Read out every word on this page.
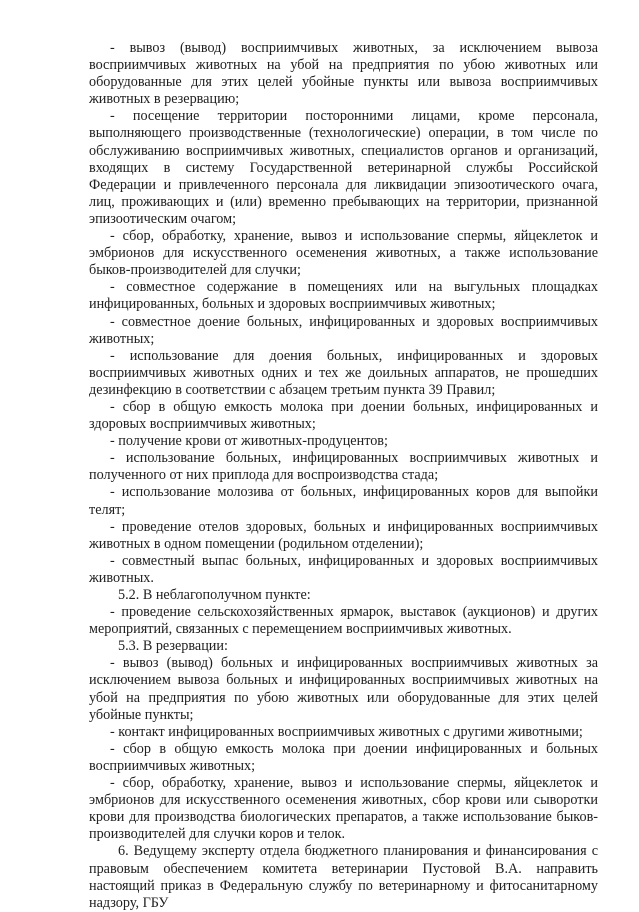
- вывоз (вывод) восприимчивых животных, за исключением вывоза восприимчивых животных на убой на предприятия по убою животных или оборудованные для этих целей убойные пункты или вывоза восприимчивых животных в резервацию;

- посещение территории посторонними лицами, кроме персонала, выполняющего производственные (технологические) операции, в том числе по обслуживанию восприимчивых животных, специалистов органов и организаций, входящих в систему Государственной ветеринарной службы Российской Федерации и привлеченного персонала для ликвидации эпизоотического очага, лиц, проживающих и (или) временно пребывающих на территории, признанной эпизоотическим очагом;

- сбор, обработку, хранение, вывоз и использование спермы, яйцеклеток и эмбрионов для искусственного осеменения животных, а также использование быков-производителей для случки;

- совместное содержание в помещениях или на выгульных площадках инфицированных, больных и здоровых восприимчивых животных;

- совместное доение больных, инфицированных и здоровых восприимчивых животных;

- использование для доения больных, инфицированных и здоровых восприимчивых животных одних и тех же доильных аппаратов, не прошедших дезинфекцию в соответствии с абзацем третьим пункта 39 Правил;

- сбор в общую емкость молока при доении больных, инфицированных и здоровых восприимчивых животных;

- получение крови от животных-продуцентов;

- использование больных, инфицированных восприимчивых животных и полученного от них приплода для воспроизводства стада;

- использование молозива от больных, инфицированных коров для выпойки телят;

- проведение отелов здоровых, больных и инфицированных восприимчивых животных в одном помещении (родильном отделении);

- совместный выпас больных, инфицированных и здоровых восприимчивых животных.

5.2. В неблагополучном пункте:

- проведение сельскохозяйственных ярмарок, выставок (аукционов) и других мероприятий, связанных с перемещением восприимчивых животных.

5.3. В резервации:

- вывоз (вывод) больных и инфицированных восприимчивых животных за исключением вывоза больных и инфицированных восприимчивых животных на убой на предприятия по убою животных или оборудованные для этих целей убойные пункты;

- контакт инфицированных восприимчивых животных с другими животными;

- сбор в общую емкость молока при доении инфицированных и больных восприимчивых животных;

- сбор, обработку, хранение, вывоз и использование спермы, яйцеклеток и эмбрионов для искусственного осеменения животных, сбор крови или сыворотки крови для производства биологических препаратов, а также использование быков-производителей для случки коров и телок.

6. Ведущему эксперту отдела бюджетного планирования и финансирования с правовым обеспечением комитета ветеринарии Пустовой В.А. направить настоящий приказ в Федеральную службу по ветеринарному и фитосанитарному надзору, ГБУ
